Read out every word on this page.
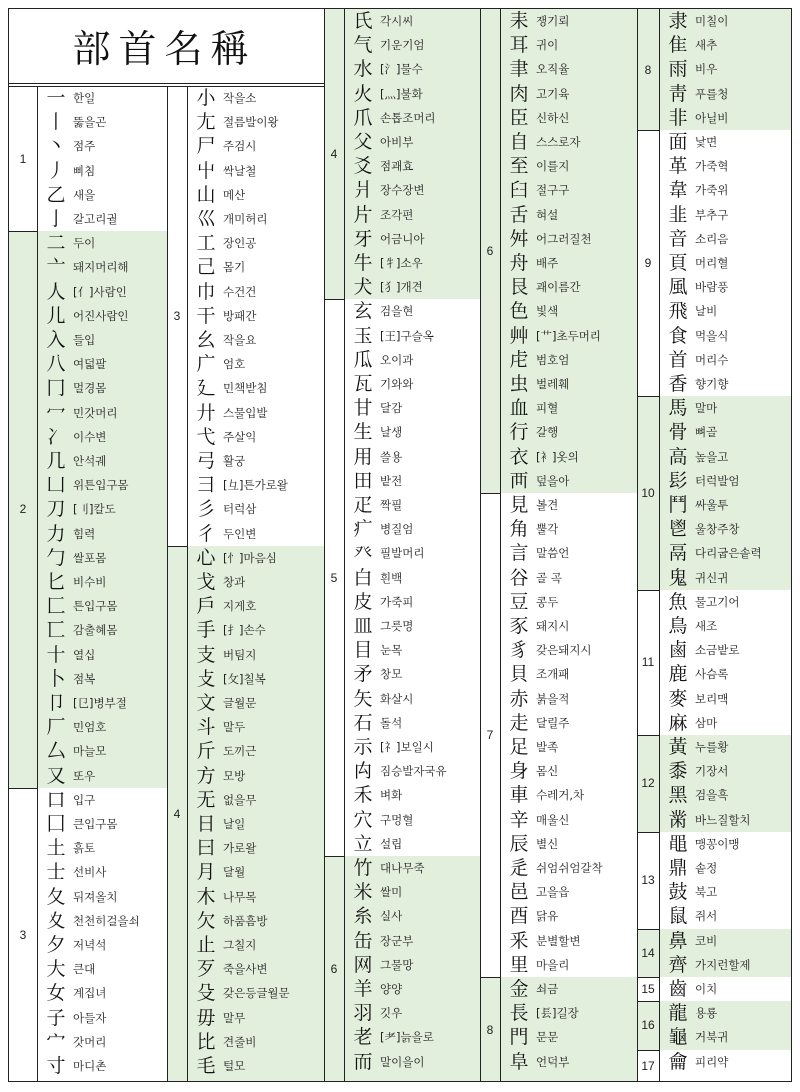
部首名稱
1
2
3
3
4
4
5
6
6
7
8
8
9
10
11
12
13
14
15
16
17
一 $^{한일}$
丨 $^{뚫을곤}$
丶 $^{점주}$
丿 $^{삐침}$
乙 $^{새을}$
亅 $^{갈고리궐}$
二 $^{두이}$
亠 $^{돼지머리해}$
人 $^{[亻]사람인}$
儿 $^{어진사람인}$
入 $^{들입}$
八 $^{여덟팔}$
冂 $^{멀경몸}$
冖 $^{민갓머리}$
冫 $^{이수변}$
几 $^{안석궤}$
凵 $^{위튼입구몸}$
刀 $^{[刂]칼도}$
力 $^{힘력}$
勹 $^{쌀포몸}$
匕 $^{비수비}$
匚 $^{튼입구몸}$
匸 $^{감출혜몸}$
十 $^{열십}$
卜 $^{점복}$
卩 $^{[㔾]병부절}$
厂 $^{민엄호}$
厶 $^{마늘모}$
又 $^{또우}$
口 $^{입구}$
囗 $^{큰입구몸}$
土 $^{흙토}$
士 $^{선비사}$
夂 $^{뒤져올치}$
夊 $^{천천히걸을쇠}$
夕 $^{저녁석}$
大 $^{큰대}$
女 $^{계집녀}$
子 $^{아들자}$
宀 $^{갓머리}$
寸 $^{마디촌}$
小 $^{작을소}$
尢 $^{절름발이왕}$
尸 $^{주검시}$
屮 $^{싹날철}$
山 $^{메산}$
巛 $^{개미허리}$
工 $^{장인공}$
己 $^{몸기}$
巾 $^{수건건}$
干 $^{방패간}$
幺 $^{작을요}$
广 $^{엄호}$
廴 $^{민책받침}$
廾 $^{스물입발}$
弋 $^{주살익}$
弓 $^{활궁}$
彐 $^{[彑]튼가로왈}$
彡 $^{터럭삼}$
彳 $^{두인변}$
心 $^{[忄]마음심}$
戈 $^{창과}$
戶 $^{지게호}$
手 $^{[扌]손수}$
支 $^{버팀지}$
攴 $^{[攵]칠복}$
文 $^{글월문}$
斗 $^{말두}$
斤 $^{도끼근}$
方 $^{모방}$
无 $^{없을무}$
日 $^{날일}$
曰 $^{가로왈}$
月 $^{달월}$
木 $^{나무목}$
欠 $^{하품흠방}$
止 $^{그칠지}$
歹 $^{죽을사변}$
殳 $^{갖은등글월문}$
毋 $^{말무}$
比 $^{견줄비}$
毛 $^{털모}$
氏 $^{각시씨}$
气 $^{기운기엄}$
水 $^{[氵]물수}$
火 $^{[灬]불화}$
爪 $^{손톱조머리}$
父 $^{아비부}$
爻 $^{점괘효}$
爿 $^{장수장변}$
片 $^{조각편}$
牙 $^{어금니아}$
牛 $^{[牜]소우}$
犬 $^{[犭]개견}$
玄 $^{검을현}$
玉 $^{[王]구슬옥}$
瓜 $^{오이과}$
瓦 $^{기와와}$
甘 $^{달감}$
生 $^{날생}$
用 $^{쓸용}$
田 $^{밭전}$
疋 $^{짝필}$
疒 $^{병질엄}$
癶 $^{필발머리}$
白 $^{흰백}$
皮 $^{가죽피}$
皿 $^{그릇명}$
目 $^{눈목}$
矛 $^{창모}$
矢 $^{화살시}$
石 $^{돌석}$
示 $^{[礻]보일시}$
禸 $^{짐승발자국유}$
禾 $^{벼화}$
穴 $^{구멍혈}$
立 $^{설립}$
竹 $^{대나무죽}$
米 $^{쌀미}$
糸 $^{실사}$
缶 $^{장군부}$
网 $^{그물망}$
羊 $^{양양}$
羽 $^{깃우}$
老 $^{[耂]늙을로}$
而 $^{말이을이}$
耒 $^{쟁기뢰}$
耳 $^{귀이}$
聿 $^{오직율}$
肉 $^{고기육}$
臣 $^{신하신}$
自 $^{스스로자}$
至 $^{이를지}$
臼 $^{절구구}$
舌 $^{혀설}$
舛 $^{어그러질천}$
舟 $^{배주}$
艮 $^{괘이름간}$
色 $^{빛색}$
艸 $^{[艹]초두머리}$
虍 $^{범호엄}$
虫 $^{벌레훼}$
血 $^{피혈}$
行 $^{갈행}$
衣 $^{[衤]옷의}$
襾 $^{덮을아}$
見 $^{볼견}$
角 $^{뿔각}$
言 $^{말씀언}$
谷 $^{골 곡}$
豆 $^{콩두}$
豕 $^{돼지시}$
豸 $^{갖은돼지시}$
貝 $^{조개패}$
赤 $^{붉을적}$
走 $^{달릴주}$
足 $^{발족}$
身 $^{몸신}$
車 $^{수레거,차}$
辛 $^{매울신}$
辰 $^{별신}$
辵 $^{쉬엄쉬엄갈착}$
邑 $^{고을읍}$
酉 $^{닭유}$
釆 $^{분별할변}$
里 $^{마을리}$
金 $^{쇠금}$
長 $^{[镸]길장}$
門 $^{문문}$
阜 $^{언덕부}$
隶 $^{미칠이}$
隹 $^{새추}$
雨 $^{비우}$
靑 $^{푸를청}$
非 $^{아닐비}$
面 $^{낯면}$
革 $^{가죽혁}$
韋 $^{가죽위}$
韭 $^{부추구}$
音 $^{소리음}$
頁 $^{머리혈}$
風 $^{바람풍}$
飛 $^{날비}$
食 $^{먹을식}$
首 $^{머리수}$
香 $^{향기향}$
馬 $^{말마}$
骨 $^{뼈골}$
高 $^{높을고}$
髟 $^{터럭발엄}$
鬥 $^{싸울투}$
鬯 $^{울창주창}$
鬲 $^{다리굽은솥력}$
鬼 $^{귀신귀}$
魚 $^{물고기어}$
鳥 $^{새조}$
鹵 $^{소금밭로}$
鹿 $^{사슴록}$
麥 $^{보리맥}$
麻 $^{삼마}$
黃 $^{누를황}$
黍 $^{기장서}$
黑 $^{검을흑}$
黹 $^{바느질할치}$
黽 $^{맹꽁이맹}$
鼎 $^{솥정}$
鼓 $^{북고}$
鼠 $^{쥐서}$
鼻 $^{코비}$
齊 $^{가지런할제}$
齒 $^{이치}$
龍 $^{용룡}$
龜 $^{거북귀}$
龠 $^{피리약}$
